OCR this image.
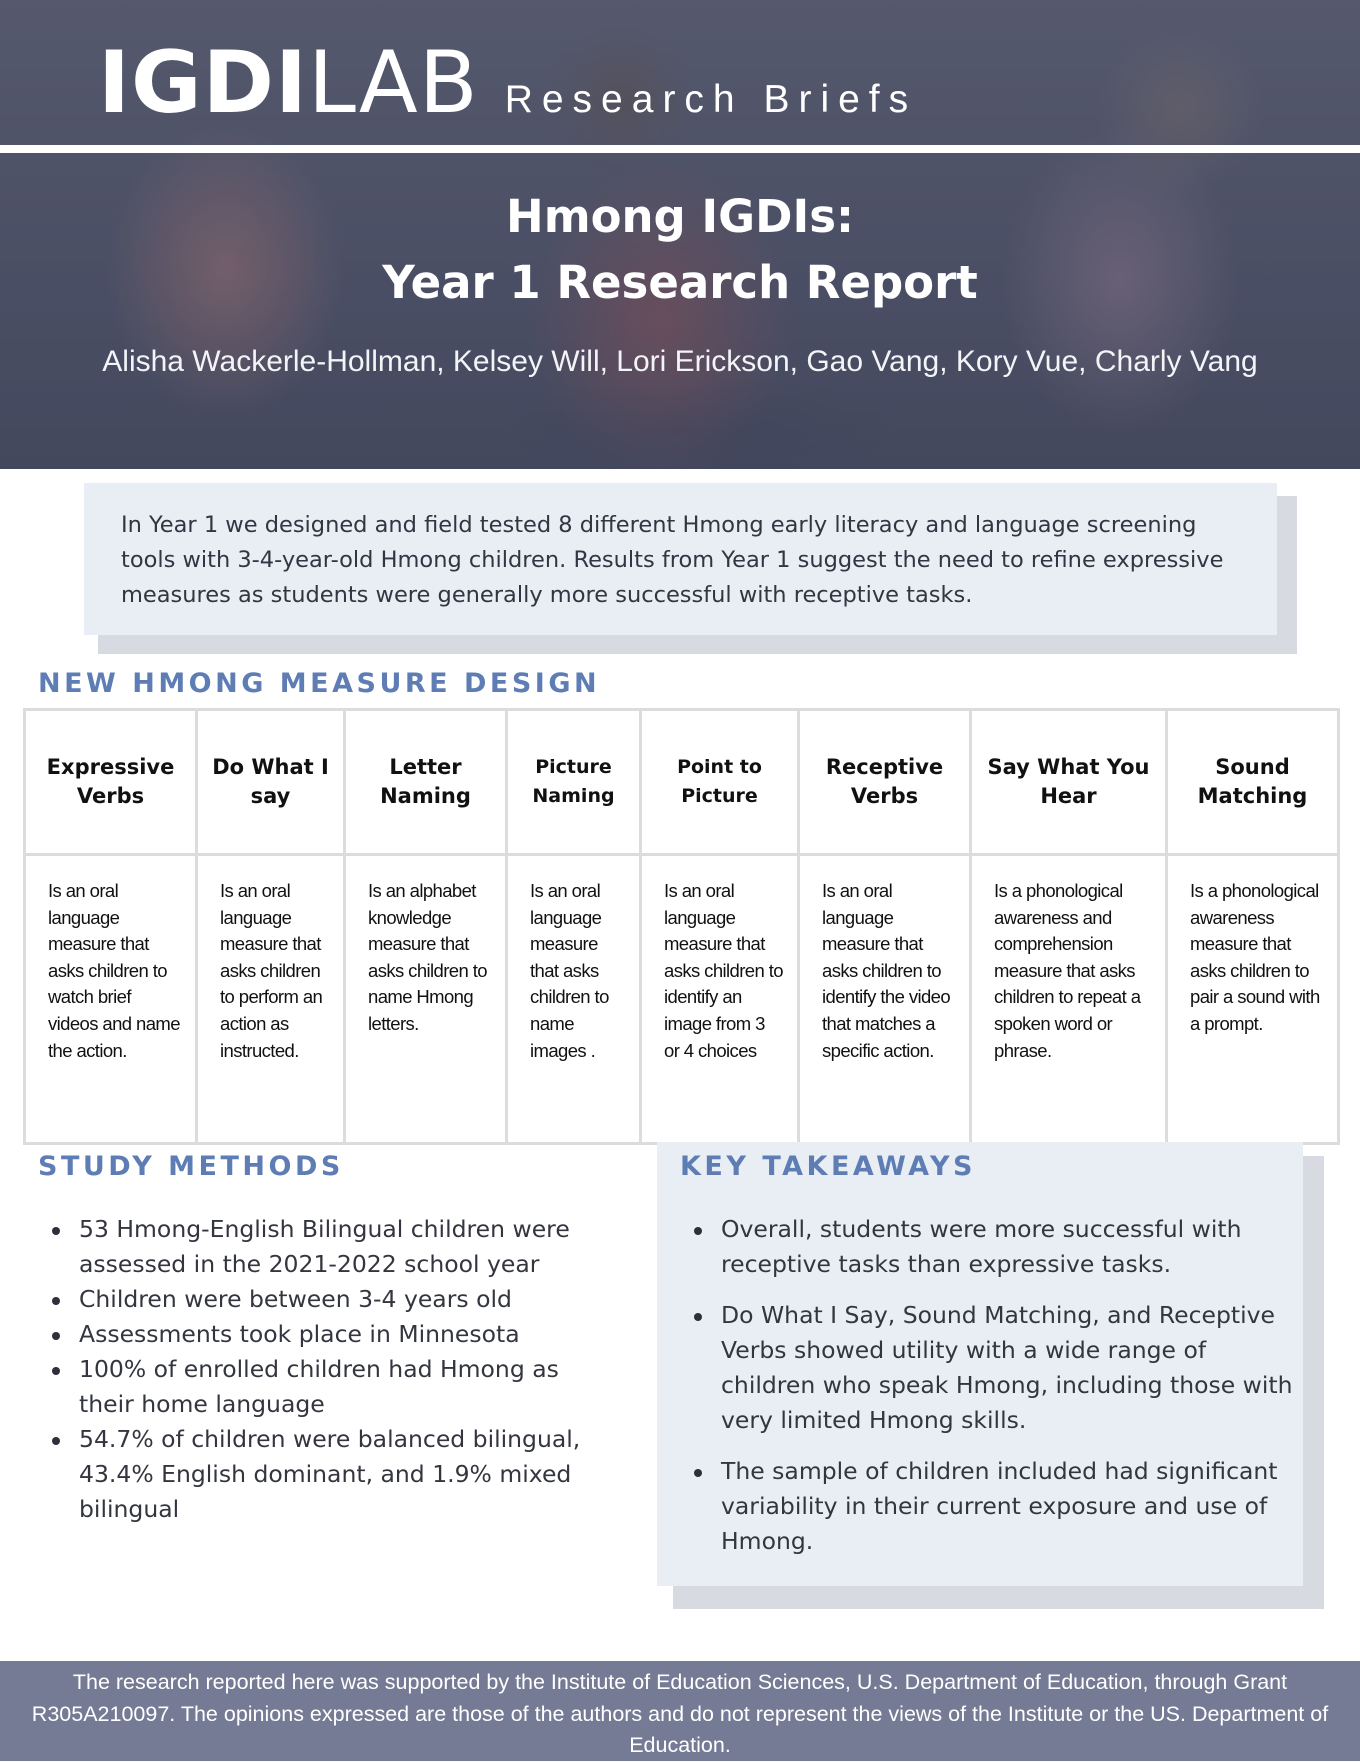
IGDI LAB Research Briefs
Hmong IGDIs:
Year 1 Research Report
Alisha Wackerle-Hollman, Kelsey Will, Lori Erickson, Gao Vang, Kory Vue, Charly Vang
In Year 1 we designed and field tested 8 different Hmong early literacy and language screening tools with 3-4-year-old Hmong children. Results from Year 1 suggest the need to refine expressive measures as students were generally more successful with receptive tasks.
NEW HMONG MEASURE DESIGN
Expressive Verbs	Do What I say	Letter Naming	Picture Naming	Point to Picture	Receptive Verbs	Say What You Hear	Sound Matching
Is an oral language measure that asks children to watch brief videos and name the action.	Is an oral language measure that asks children to perform an action as instructed.	Is an alphabet knowledge measure that asks children to name Hmong letters.	Is an oral language measure that asks children to name images .	Is an oral language measure that asks children to identify an image from 3 or 4 choices	Is an oral language measure that asks children to identify the video that matches a specific action.	Is a phonological awareness and comprehension measure that asks children to repeat a spoken word or phrase.	Is a phonological awareness measure that asks children to pair a sound with a prompt.
STUDY METHODS
53 Hmong-English Bilingual children were assessed in the 2021-2022 school year
Children were between 3-4 years old
Assessments took place in Minnesota
100% of enrolled children had Hmong as their home language
54.7% of children were balanced bilingual, 43.4% English dominant, and 1.9% mixed bilingual
KEY TAKEAWAYS
Overall, students were more successful with receptive tasks than expressive tasks.
Do What I Say, Sound Matching, and Receptive Verbs showed utility with a wide range of children who speak Hmong, including those with very limited Hmong skills.
The sample of children included had significant variability in their current exposure and use of Hmong.
The research reported here was supported by the Institute of Education Sciences, U.S. Department of Education, through Grant R305A210097. The opinions expressed are those of the authors and do not represent the views of the Institute or the US. Department of Education.
